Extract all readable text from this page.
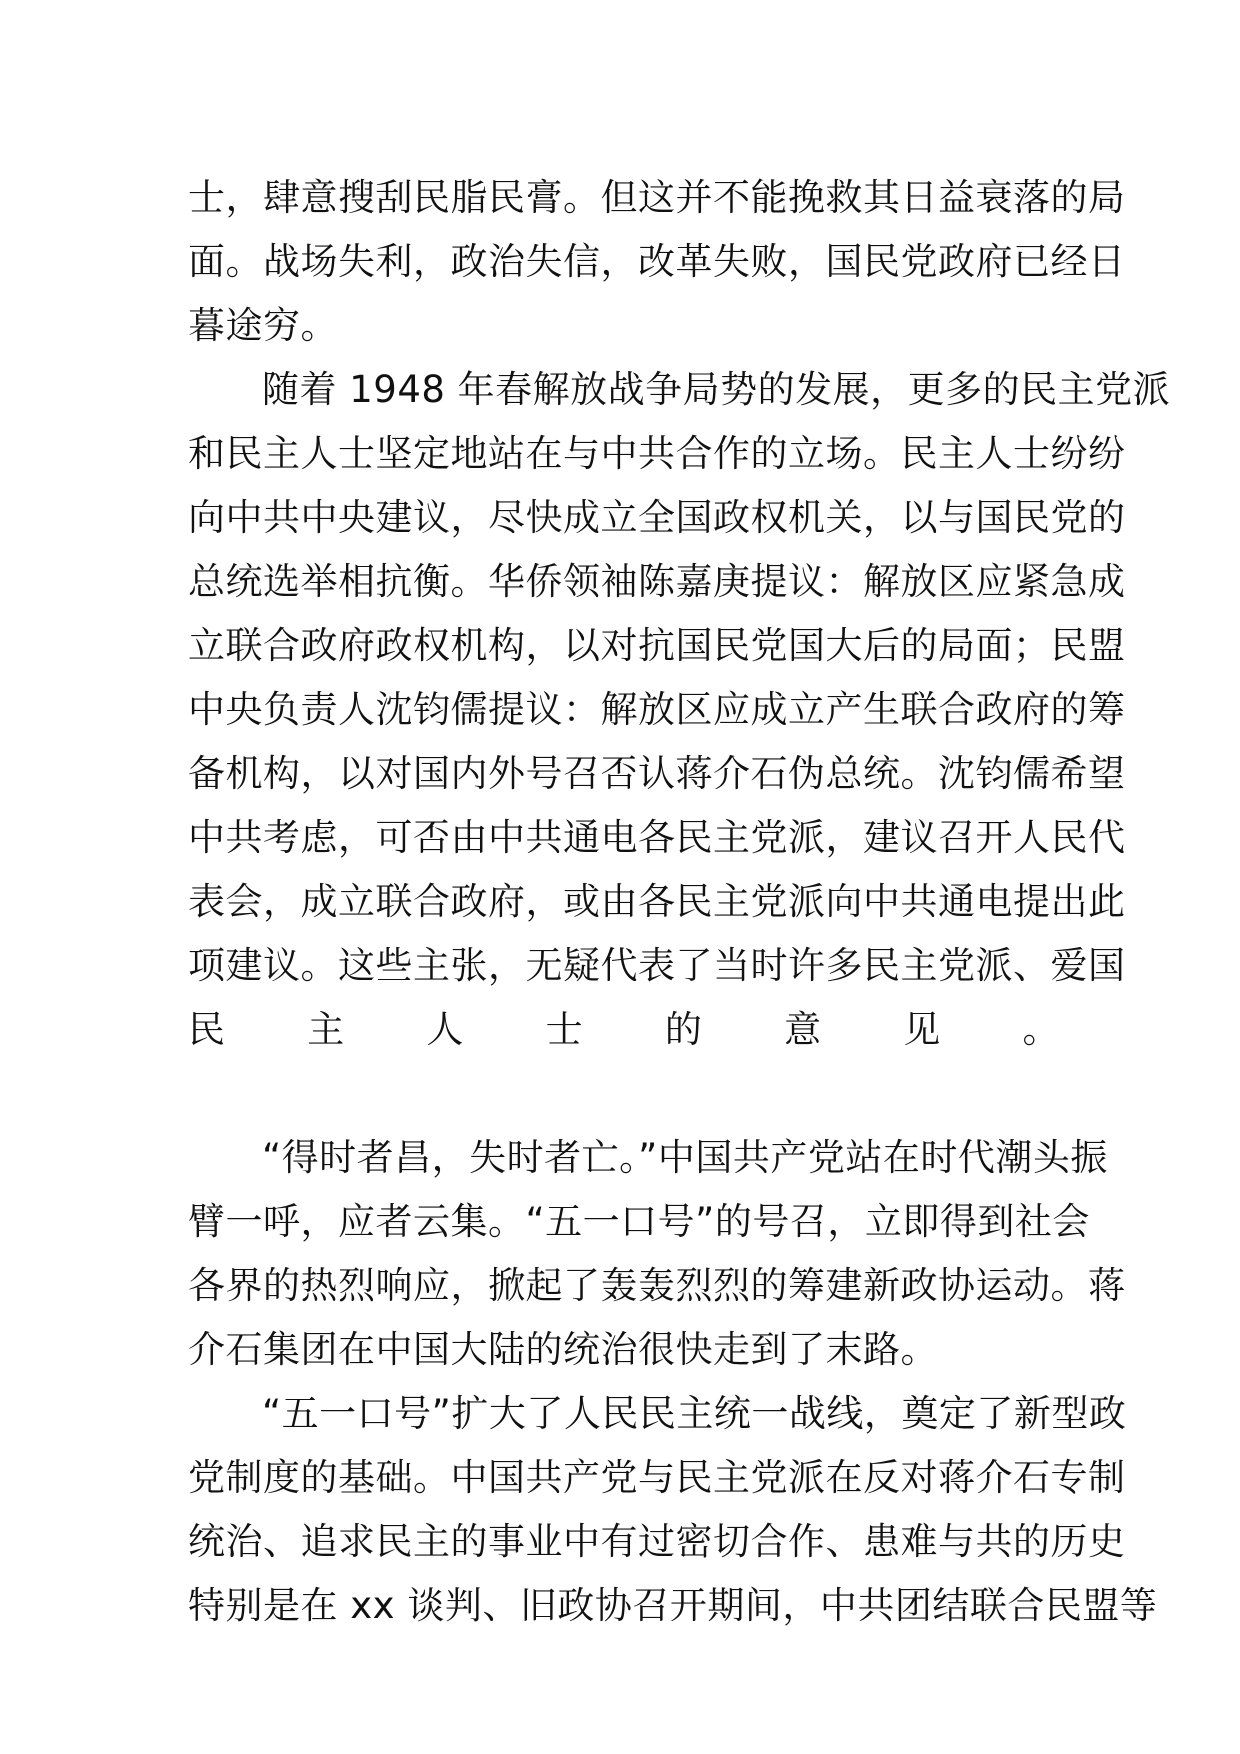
士，肆意搜刮民脂民膏。但这并不能挽救其日益衰落的局
面。战场失利，政治失信，改革失败，国民党政府已经日
暮途穷。
随着 1948 年春解放战争局势的发展，更多的民主党派
和民主人士坚定地站在与中共合作的立场。民主人士纷纷
向中共中央建议，尽快成立全国政权机关，以与国民党的
总统选举相抗衡。华侨领袖陈嘉庚提议：解放区应紧急成
立联合政府政权机构，以对抗国民党国大后的局面；民盟
中央负责人沈钧儒提议：解放区应成立产生联合政府的筹
备机构，以对国内外号召否认蒋介石伪总统。沈钧儒希望
中共考虑，可否由中共通电各民主党派，建议召开人民代
表会，成立联合政府，或由各民主党派向中共通电提出此
项建议。这些主张，无疑代表了当时许多民主党派、爱国
民主人士的意见。
“得时者昌，失时者亡。”中国共产党站在时代潮头振
臂一呼，应者云集。“五一口号”的号召，立即得到社会
各界的热烈响应，掀起了轰轰烈烈的筹建新政协运动。蒋
介石集团在中国大陆的统治很快走到了末路。
“五一口号”扩大了人民民主统一战线，奠定了新型政
党制度的基础。中国共产党与民主党派在反对蒋介石专制
统治、追求民主的事业中有过密切合作、患难与共的历史
特别是在 xx 谈判、旧政协召开期间，中共团结联合民盟等
